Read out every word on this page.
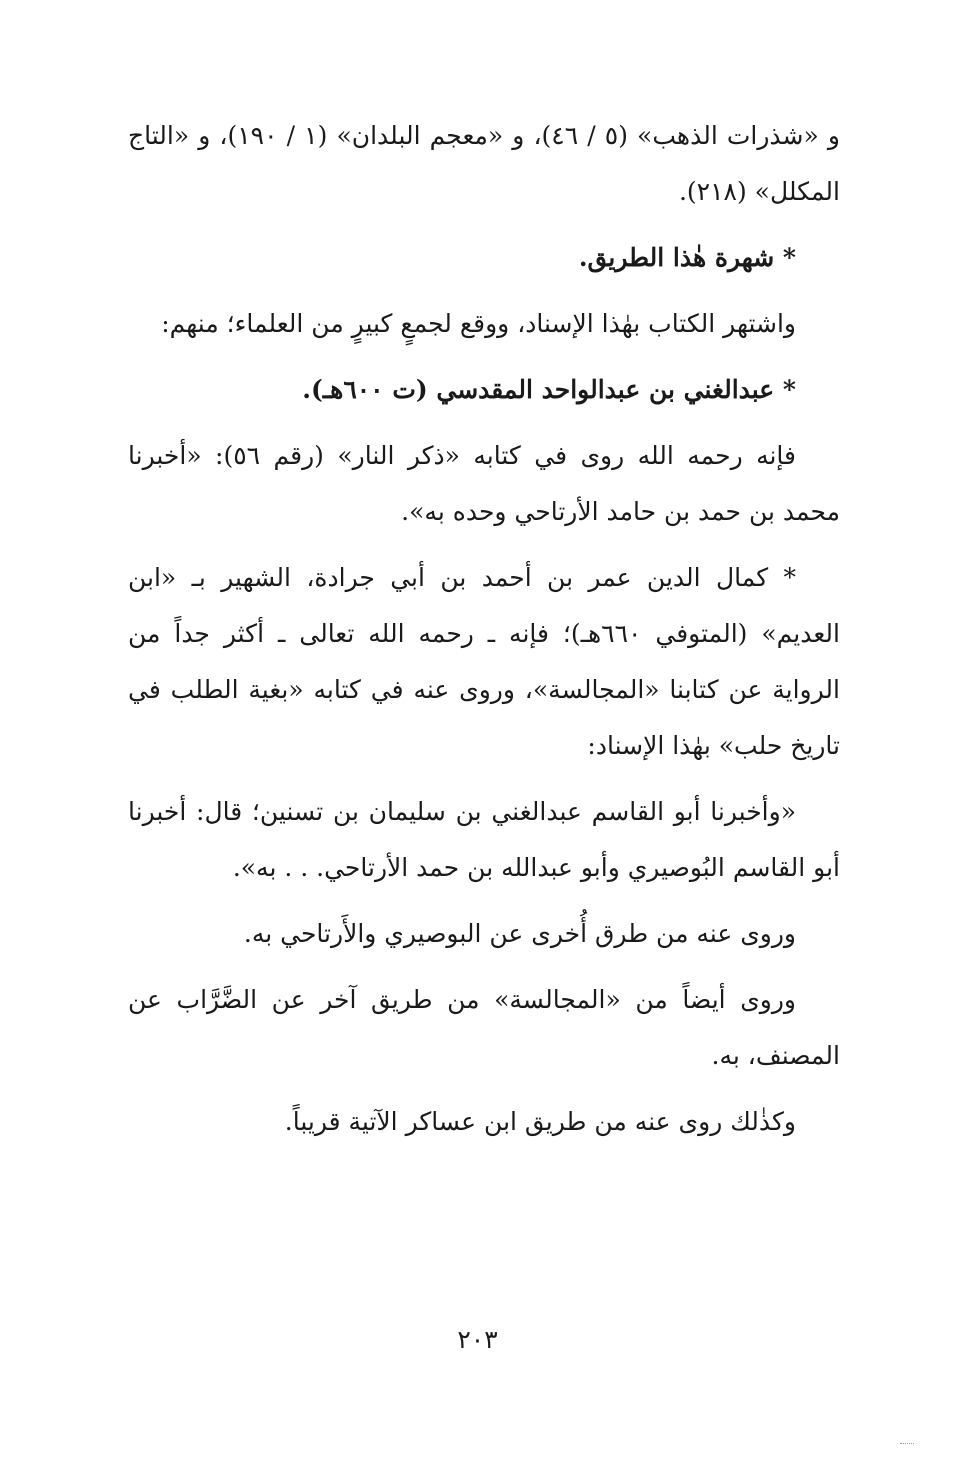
و «شذرات الذهب» (٥ / ٤٦)، و «معجم البلدان» (١ / ١٩٠)، و «التاج المكلل» (٢١٨).

* شهرة هٰذا الطريق.

واشتهر الكتاب بهٰذا الإسناد، ووقع لجمعٍ كبيرٍ من العلماء؛ منهم:

* عبدالغني بن عبدالواحد المقدسي (ت ٦٠٠هـ).

فإنه رحمه الله روى في كتابه «ذكر النار» (رقم ٥٦): «أخبرنا محمد بن حمد بن حامد الأرتاحي وحده به».

* كمال الدين عمر بن أحمد بن أبي جرادة، الشهير بـ «ابن العديم» (المتوفي ٦٦٠هـ)؛ فإنه ـ رحمه الله تعالى ـ أكثر جداً من الرواية عن كتابنا «المجالسة»، وروى عنه في كتابه «بغية الطلب في تاريخ حلب» بهٰذا الإسناد:

«وأخبرنا أبو القاسم عبدالغني بن سليمان بن تسنين؛ قال: أخبرنا أبو القاسم البُوصيري وأبو عبدالله بن حمد الأرتاحي. . . به».

وروى عنه من طرق أُخرى عن البوصيري والأَرتاحي به.

وروى أيضاً من «المجالسة» من طريق آخر عن الضَّرَّاب عن المصنف، به.

وكذٰلك روى عنه من طريق ابن عساكر الآتية قريباً.

٢٠٣
